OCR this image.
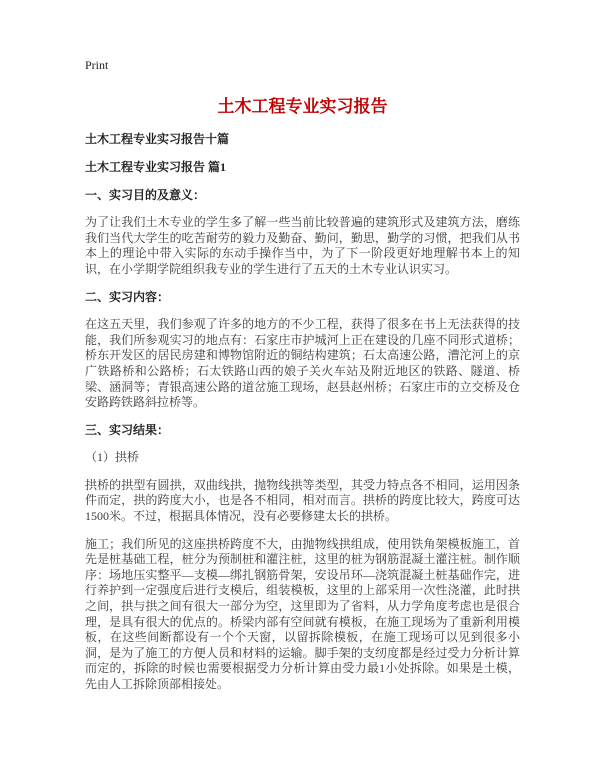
Print
土木工程专业实习报告

土木工程专业实习报告十篇

土木工程专业实习报告 篇1

一、实习目的及意义：

为了让我们土木专业的学生多了解一些当前比较普遍的建筑形式及建筑方法，磨练我们当代大学生的吃苦耐劳的毅力及勤奋、勤问，勤思，勤学的习惯，把我们从书本上的理论中带入实际的东动手操作当中，为了下一阶段更好地理解书本上的知识，在小学期学院组织我专业的学生进行了五天的土木专业认识实习。

二、实习内容：

在这五天里，我们参观了许多的地方的不少工程，获得了很多在书上无法获得的技能，我们所参观实习的地点有：石家庄市护城河上正在建设的几座不同形式道桥；桥东开发区的居民房建和博物馆附近的铜结构建筑；石太高速公路，漕沱河上的京广铁路桥和公路桥；石太铁路山西的娘子关火车站及附近地区的铁路、隧道、桥梁、涵洞等；青银高速公路的道岔施工现场，赵县赵州桥；石家庄市的立交桥及仓安路跨铁路斜拉桥等。

三、实习结果：

（1）拱桥

拱桥的拱型有圆拱，双曲线拱，抛物线拱等类型，其受力特点各不相同，运用因条件而定，拱的跨度大小，也是各不相同，相对而言。拱桥的跨度比较大，跨度可达1500米。不过，根据具体情况，没有必要修建太长的拱桥。

施工；我们所见的这座拱桥跨度不大，由抛物线拱组成，使用铁角架模板施工，首先是桩基础工程，桩分为预制桩和灌注桩，这里的桩为钢筋混凝土灌注桩。制作顺序：场地压实整平—支模—绑扎钢筋骨架，安设吊环—浇筑混凝土桩基础作完，进行养护到一定强度后进行支模后，组装模板，这里的上部采用一次性浇灌，此时拱之间，拱与拱之间有很大一部分为空，这里即为了省料，从力学角度考虑也是很合理，是具有很大的优点的。桥梁内部有空间就有模板，在施工现场为了重新利用模板，在这些间断都设有一个个天窗，以留拆除模板，在施工现场可以见到很多小洞，是为了施工的方便人员和材料的运输。脚手架的支纫度都是经过受力分析计算而定的，拆除的时候也需要根据受力分析计算由受力最1小处拆除。如果是土模，先由人工拆除顶部相接处。
